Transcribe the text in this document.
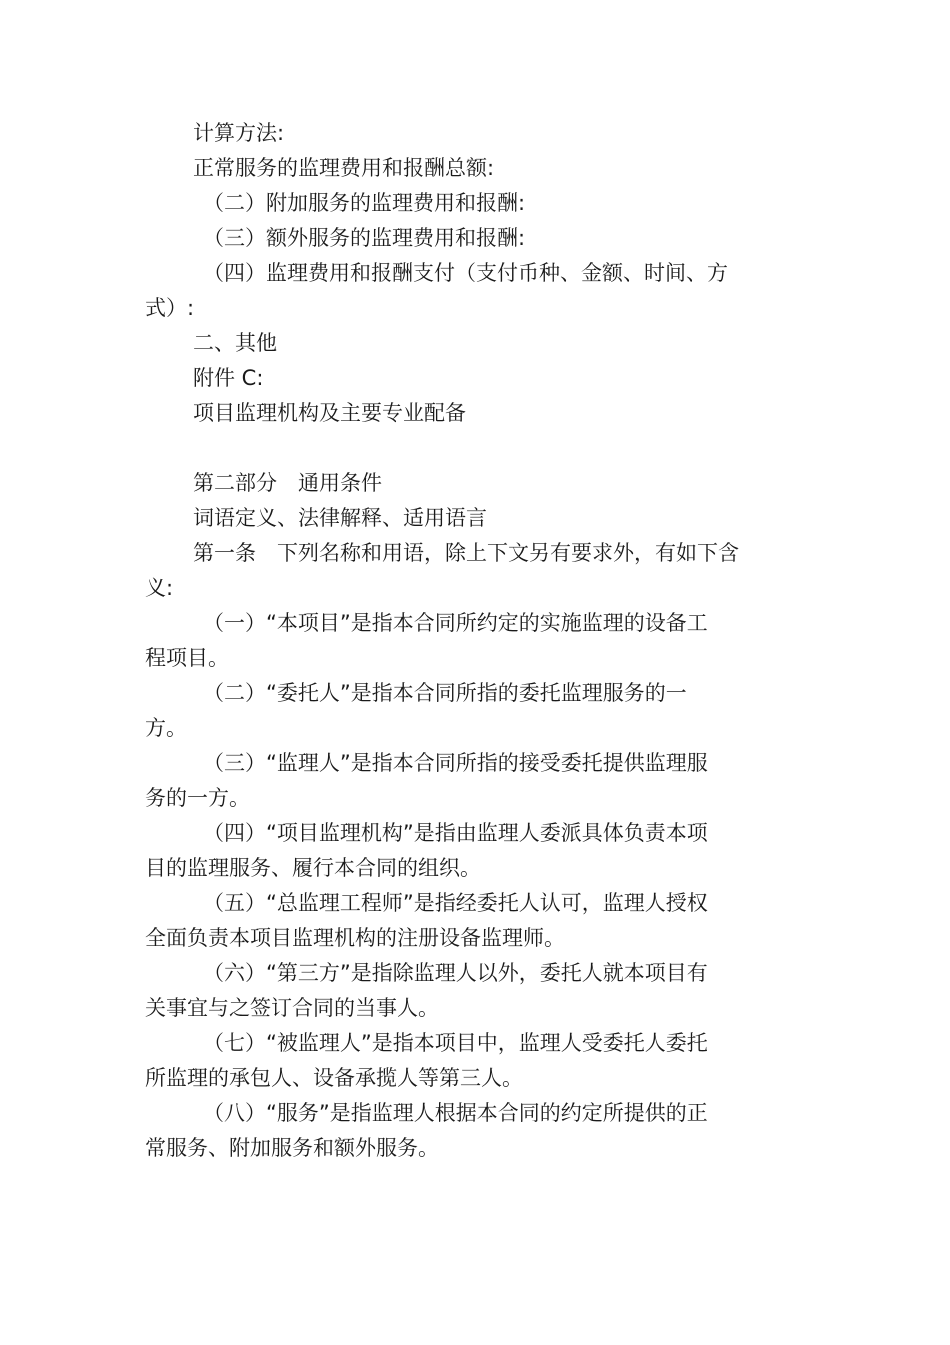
计算方法:
正常服务的监理费用和报酬总额:
（二）附加服务的监理费用和报酬:
（三）额外服务的监理费用和报酬:
（四）监理费用和报酬支付（支付币种、金额、时间、方
式）:
二、其他
附件 C:
项目监理机构及主要专业配备
第二部分　通用条件
词语定义、法律解释、适用语言
第一条　下列名称和用语，除上下文另有要求外，有如下含
义:
（一）“本项目”是指本合同所约定的实施监理的设备工
程项目。
（二）“委托人”是指本合同所指的委托监理服务的一
方。
（三）“监理人”是指本合同所指的接受委托提供监理服
务的一方。
（四）“项目监理机构”是指由监理人委派具体负责本项
目的监理服务、履行本合同的组织。
（五）“总监理工程师”是指经委托人认可，监理人授权
全面负责本项目监理机构的注册设备监理师。
（六）“第三方”是指除监理人以外，委托人就本项目有
关事宜与之签订合同的当事人。
（七）“被监理人”是指本项目中，监理人受委托人委托
所监理的承包人、设备承揽人等第三人。
（八）“服务”是指监理人根据本合同的约定所提供的正
常服务、附加服务和额外服务。
